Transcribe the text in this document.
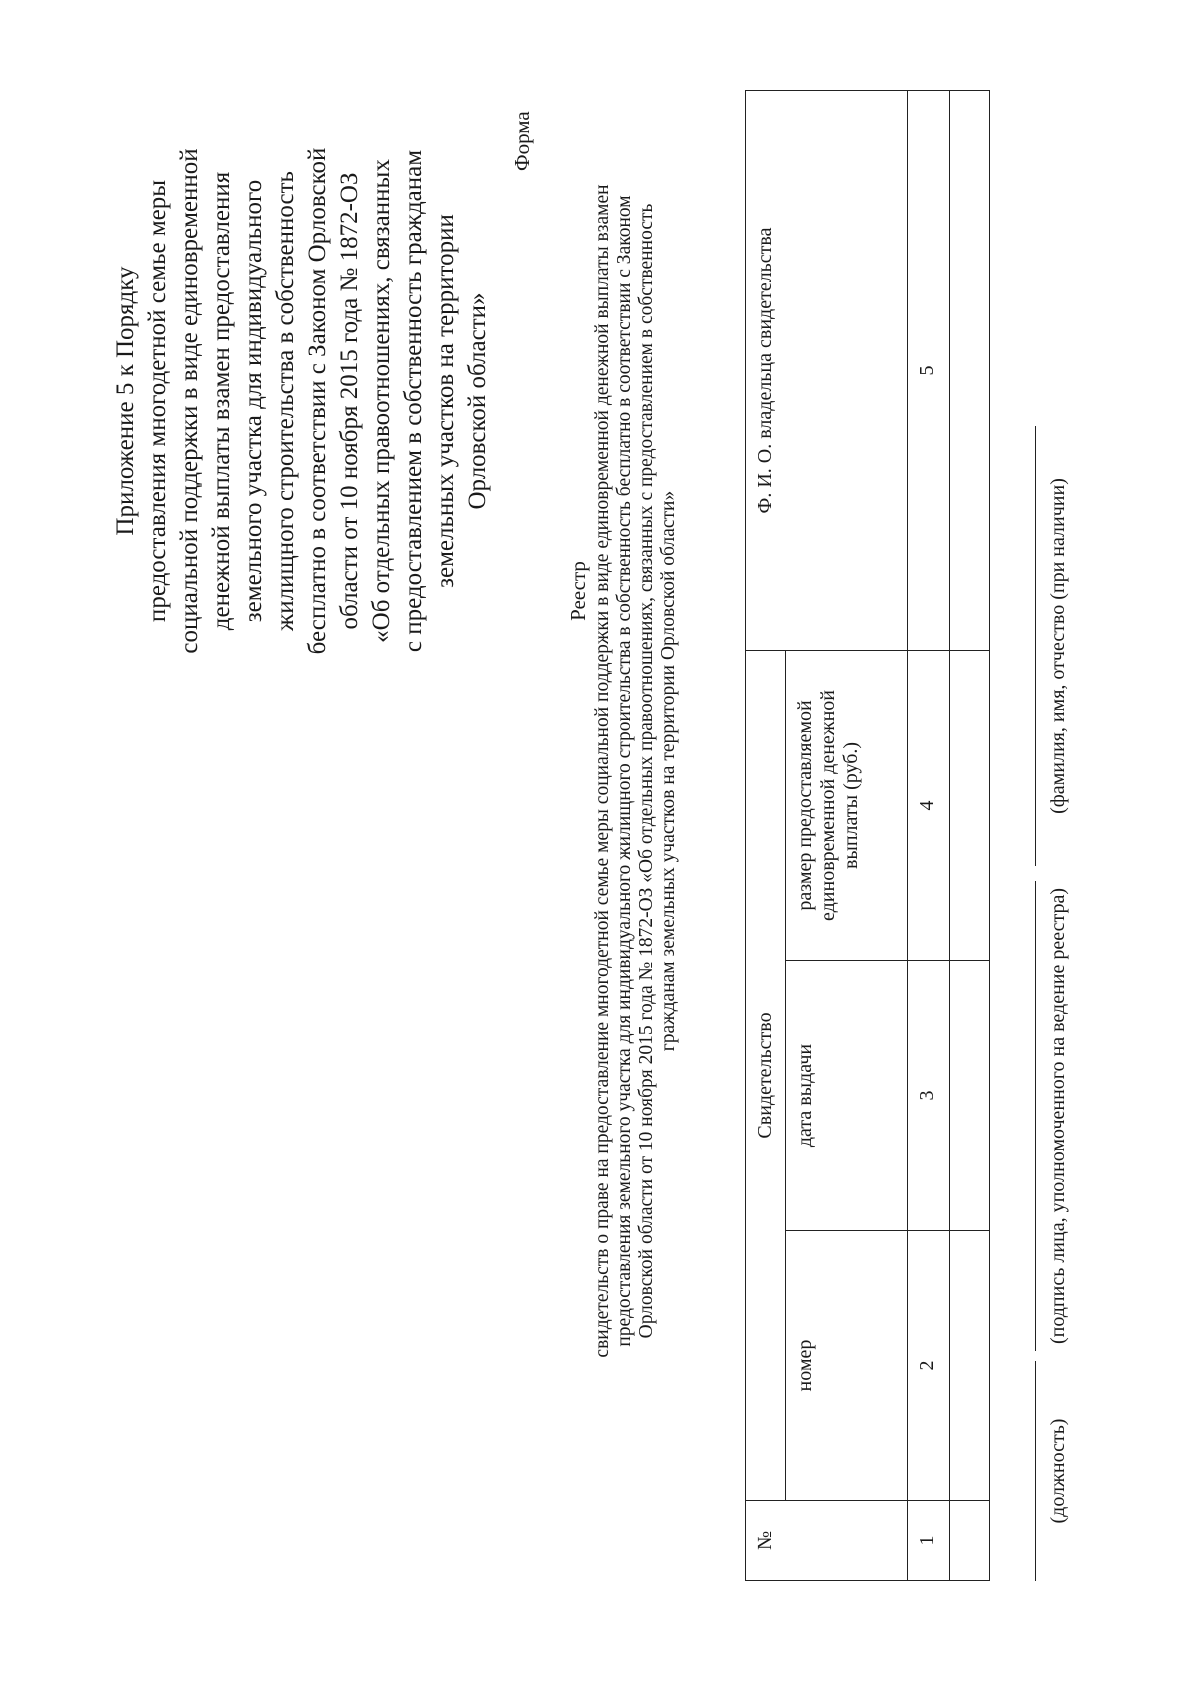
Приложение 5 к Порядку предоставления многодетной семье меры социальной поддержки в виде единовременной денежной выплаты взамен предоставления земельного участка для индивидуального жилищного строительства в собственность бесплатно в соответствии с Законом Орловской области от 10 ноября 2015 года № 1872-ОЗ «Об отдельных правоотношениях, связанных с предоставлением в собственность гражданам земельных участков на территории Орловской области»
Форма
Реестр свидетельств о праве на предоставление многодетной семье меры социальной поддержки в виде единовременной денежной выплаты взамен предоставления земельного участка для индивидуального жилищного строительства в собственность бесплатно в соответствии с Законом Орловской области от 10 ноября 2015 года № 1872-ОЗ «Об отдельных правоотношениях, связанных с предоставлением в собственность гражданам земельных участков на территории Орловской области»
№	Свидетельство			Ф. И. О. владельца свидетельства
	номер	дата выдачи	размер предоставляемой единовременной денежной выплаты (руб.)	
1	2	3	4	5

(должность)
(подпись лица, уполномоченного на ведение реестра)
(фамилия, имя, отчество (при наличии)
